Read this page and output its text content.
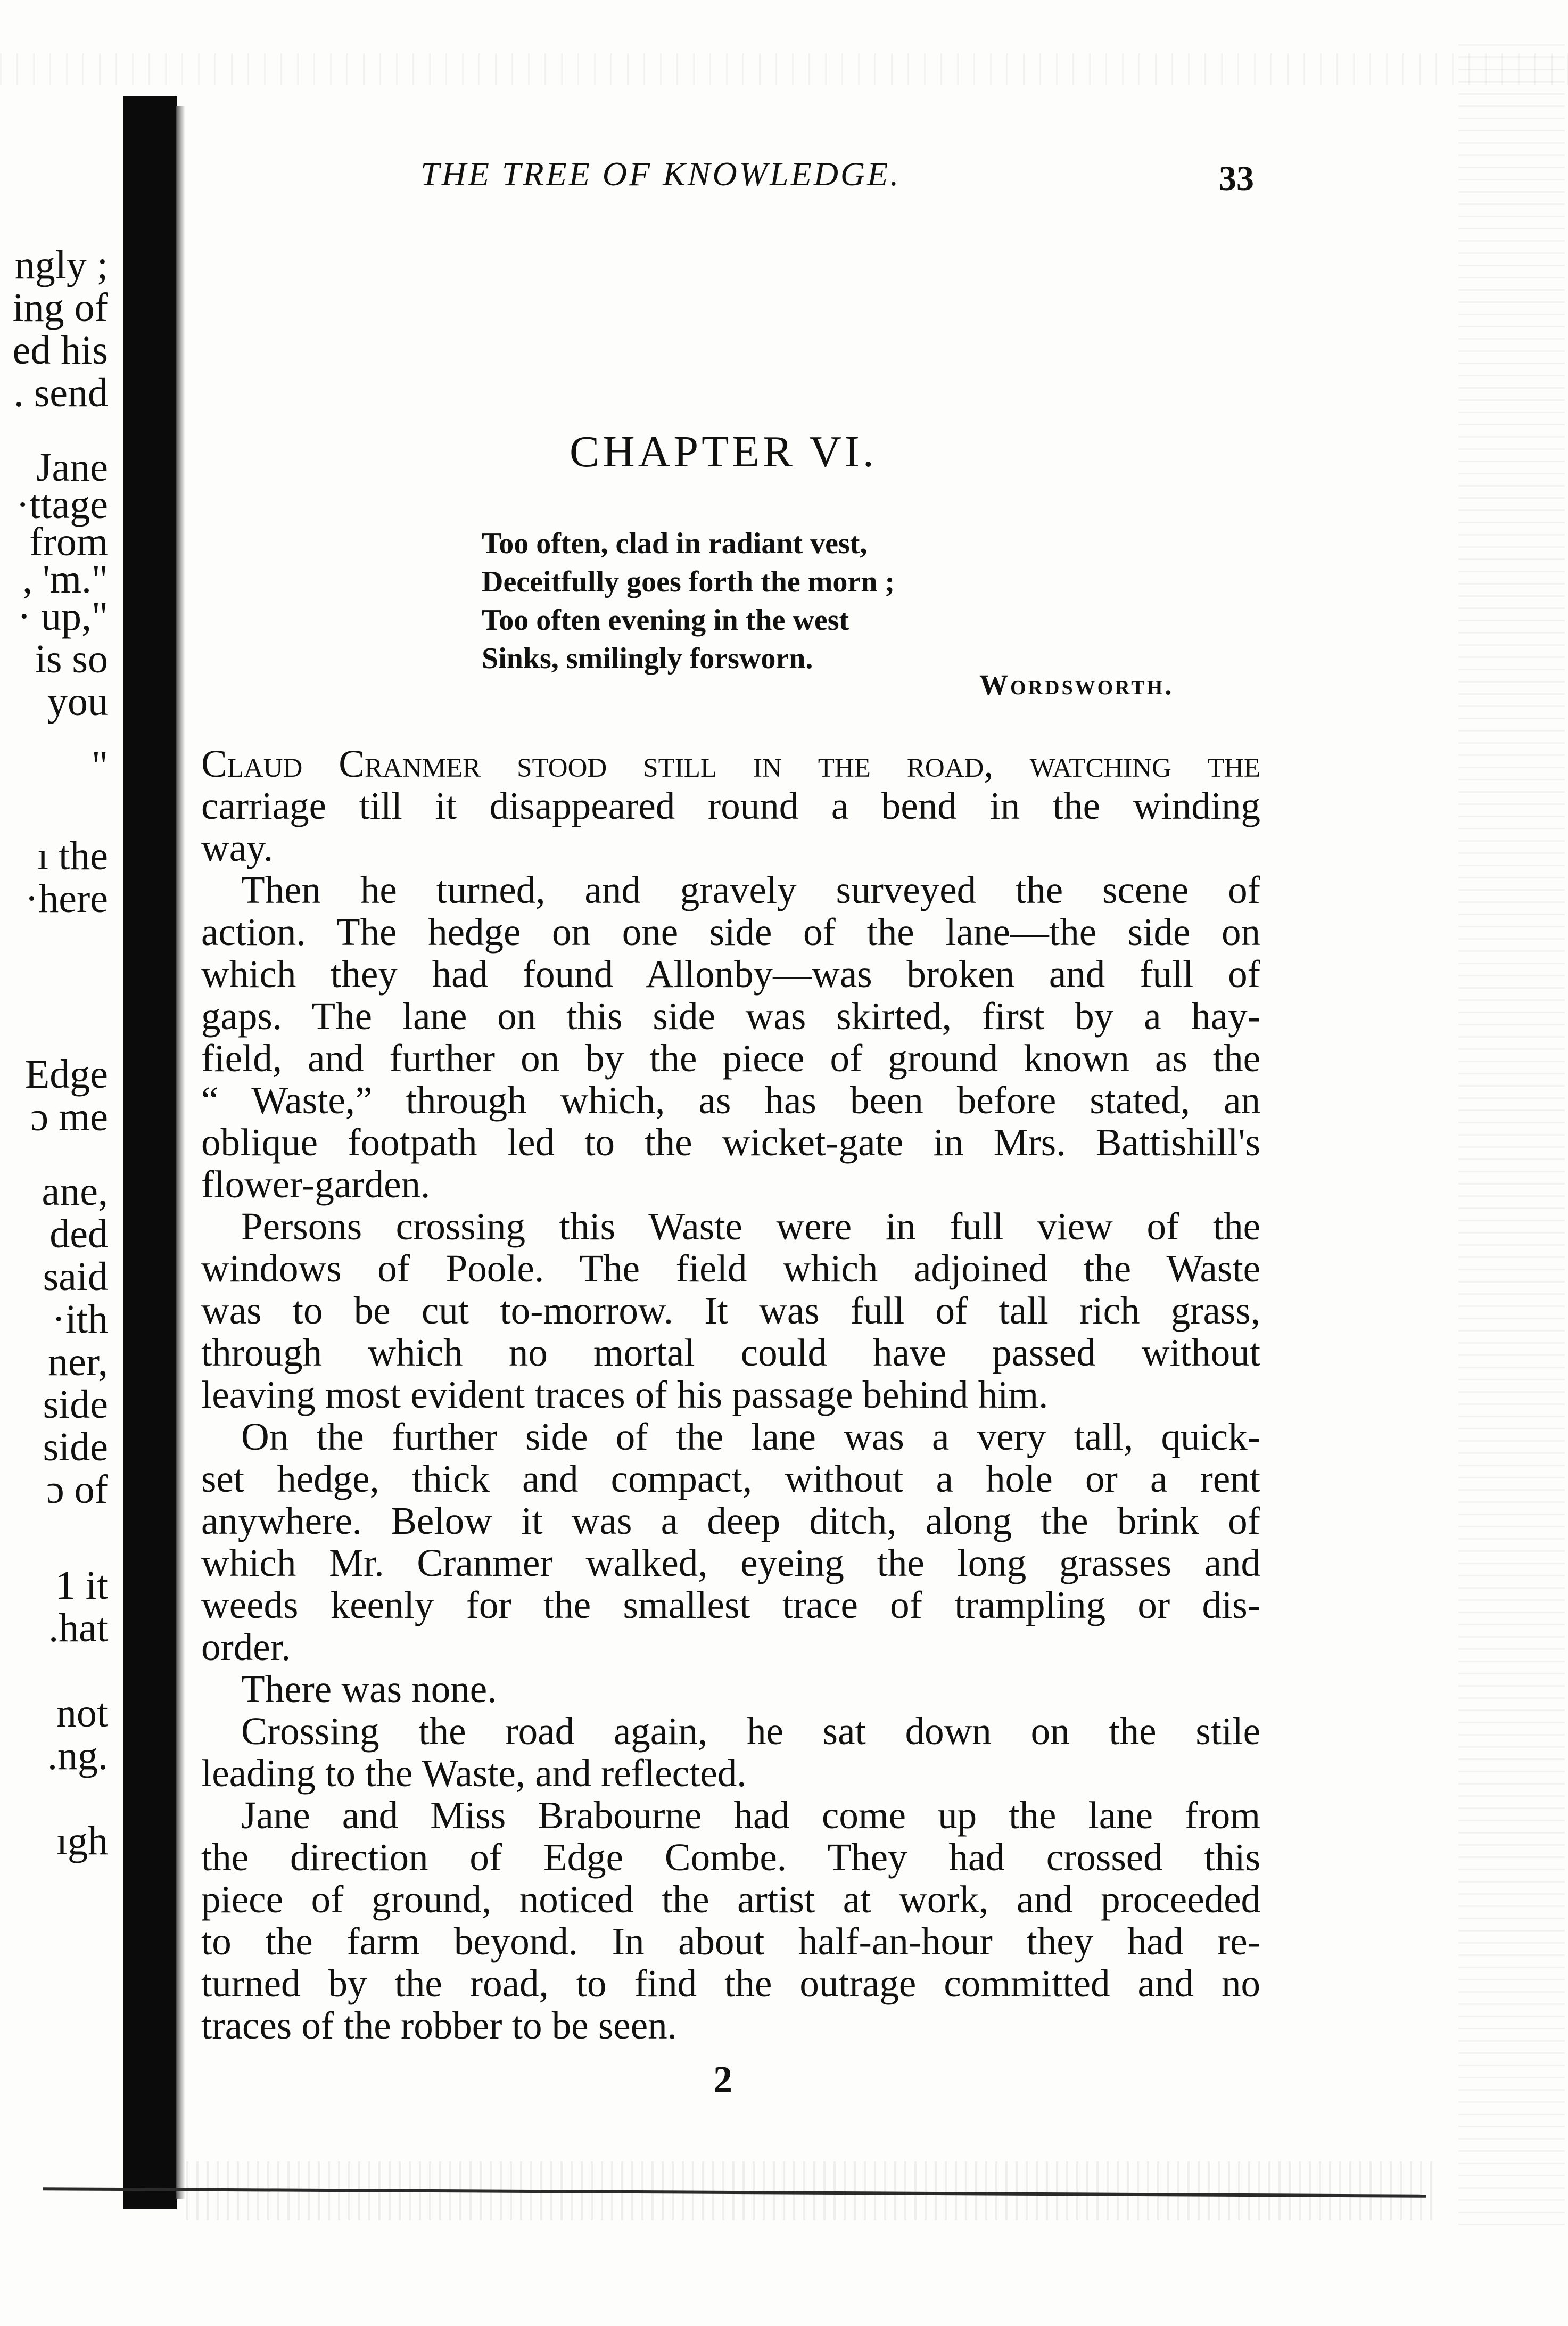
ngly ;
ing of
ed his
. send
Jane
·ttage
from
, 'm."
· up,"
is so
you
"
ı the
·here
Edge
ɔ me
ane,
ded
said
·ith
ner,
side
side
ɔ of
1 it
.hat
not
.ng.
ıgh
THE TREE OF KNOWLEDGE.	33
CHAPTER VI.
Too often, clad in radiant vest,
Deceitfully goes forth the morn ;
Too often evening in the west
Sinks, smilingly forsworn.
Wordsworth.
Claud Cranmer stood still in the road, watching the
carriage till it disappeared round a bend in the winding
way.
Then he turned, and gravely surveyed the scene of
action. The hedge on one side of the lane—the side on
which they had found Allonby—was broken and full of
gaps. The lane on this side was skirted, first by a hay-
field, and further on by the piece of ground known as the
“ Waste,” through which, as has been before stated, an
oblique footpath led to the wicket-gate in Mrs. Battishill's
flower-garden.
Persons crossing this Waste were in full view of the
windows of Poole. The field which adjoined the Waste
was to be cut to-morrow. It was full of tall rich grass,
through which no mortal could have passed without
leaving most evident traces of his passage behind him.
On the further side of the lane was a very tall, quick-
set hedge, thick and compact, without a hole or a rent
anywhere. Below it was a deep ditch, along the brink of
which Mr. Cranmer walked, eyeing the long grasses and
weeds keenly for the smallest trace of trampling or dis-
order.
There was none.
Crossing the road again, he sat down on the stile
leading to the Waste, and reflected.
Jane and Miss Brabourne had come up the lane from
the direction of Edge Combe. They had crossed this
piece of ground, noticed the artist at work, and proceeded
to the farm beyond. In about half-an-hour they had re-
turned by the road, to find the outrage committed and no
traces of the robber to be seen.
2
